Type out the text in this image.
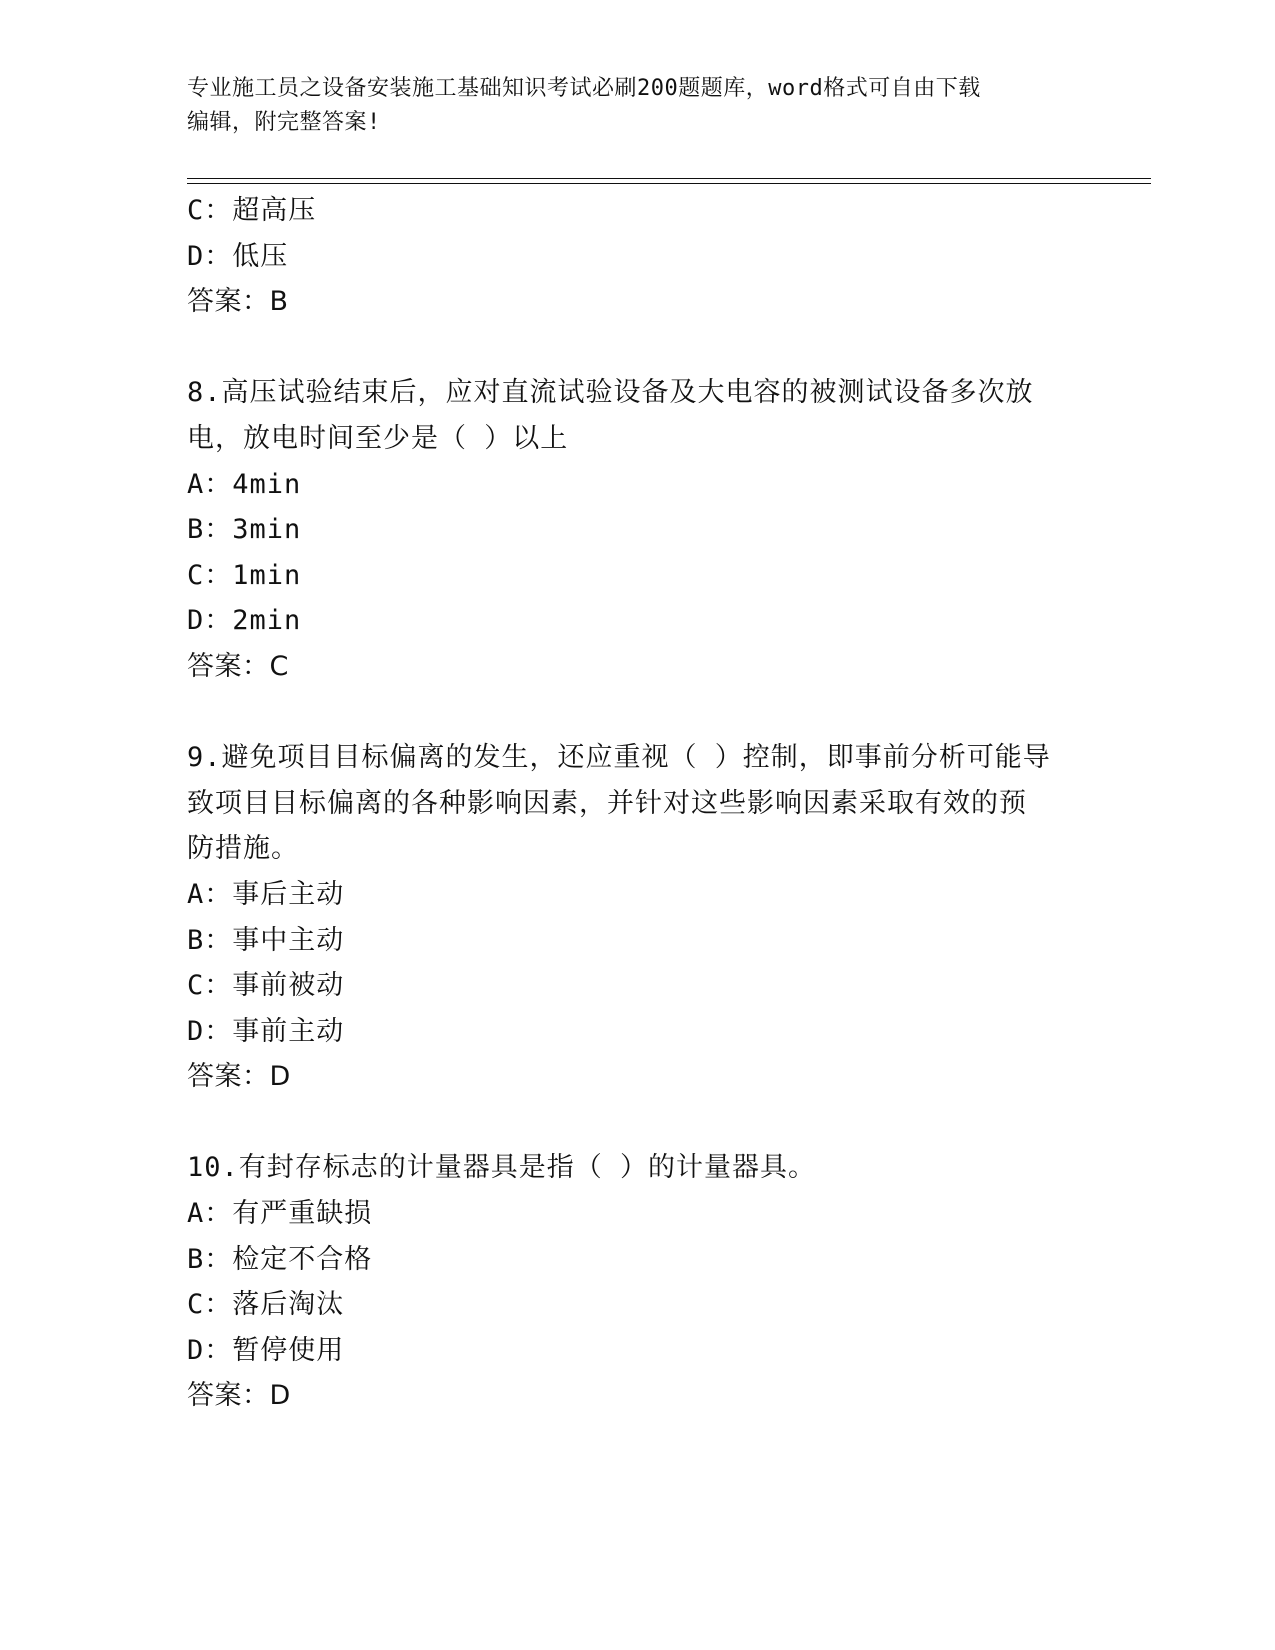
专业施工员之设备安装施工基础知识考试必刷200题题库，word格式可自由下载
编辑，附完整答案!
C：超高压
D：低压
答案：B
8.高压试验结束后，应对直流试验设备及大电容的被测试设备多次放
电，放电时间至少是（ ）以上
A：4min
B：3min
C：1min
D：2min
答案：C
9.避免项目目标偏离的发生，还应重视（ ）控制，即事前分析可能导
致项目目标偏离的各种影响因素，并针对这些影响因素采取有效的预
防措施。
A：事后主动
B：事中主动
C：事前被动
D：事前主动
答案：D
10.有封存标志的计量器具是指（ ）的计量器具。
A：有严重缺损
B：检定不合格
C：落后淘汰
D：暂停使用
答案：D
